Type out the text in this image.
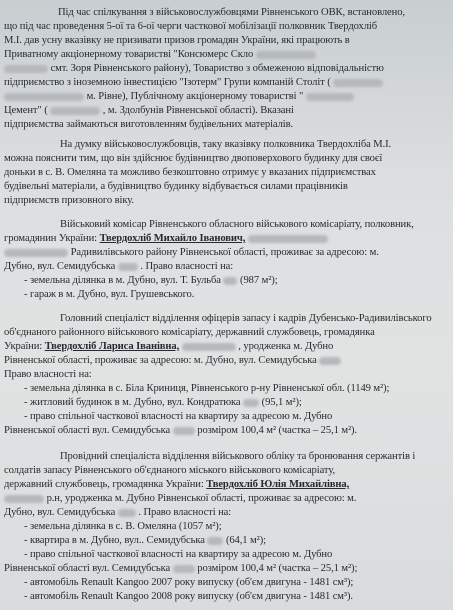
Під час спілкування з військовослужбовцями Рівненського ОВК, встановлено,
що під час проведення 5-ої та 6-ої черги часткової мобілізації полковник Твердохліб
М.І. дав усну вказівку не призивати призов громадян України, які працюють в
Приватному акціонерному товаристві "Консюмерс Скло
смт. Зоря Рівненського району), Товариство з обмеженою відповідальністю
підприємство з іноземною інвестицією "Ізотерм" Групи компаній Століт (
м. Рівне), Публічному акціонерному товаристві "
Цемент" (	, м. Здолбунів Рівненської області). Вказані
підприємства займаються виготовленням будівельних матеріалів.
На думку військовослужбовців, таку вказівку полковника Твердохліба М.І.
можна пояснити тим, що він здійснює будівництво двоповерхового будинку для своєї
доньки в с. В. Омеляна та можливо безкоштовно отримує у вказаних підприємствах
будівельні матеріали, а будівництво будинку відбувається силами працівників
підприємств призовного віку.
Військовий комісар Рівненського обласного військового комісаріату, полковник,
громадянин України: Твердохліб Михайло Іванович,
Радивилівського району Рівненської області, проживає за адресою: м.
Дубно, вул. Семидубська . Право власності на:
- земельна ділянка в м. Дубно, вул. Т. Бульба (987 м²);
- гараж в м. Дубно, вул. Грушевського.
Головний спеціаліст відділення офіцерів запасу і кадрів Дубенсько-Радивилівського
об'єднаного районного військового комісаріату, державний службовець, громадянка
України: Твердохліб Лариса Іванівна,	, уродженка м. Дубно
Рівненської області, проживає за адресою: м. Дубно, вул. Семидубська
Право власності на:
- земельна ділянка в с. Біла Криниця, Рівненського р-ну Рівненської обл. (1149 м²);
- житловий будинок в м. Дубно, вул. Кондратюка (95,1 м²);
- право спільної часткової власності на квартиру за адресою м. Дубно
Рівненської області вул. Семидубська	розміром 100,4 м² (частка – 25,1 м²).
Провідний спеціаліста відділення військового обліку та бронювання сержантів і
солдатів запасу Рівненського об'єднаного міського військового комісаріату,
державний службовець, громадянка України: Твердохліб Юлія Михайлівна,
р.н, уродженка м. Дубно Рівненської області, проживає за адресою: м.
Дубно, вул. Семидубська . Право власності на:
- земельна ділянка в с. В. Омеляна (1057 м²);
- квартира в м. Дубно, вул.. Семидубська (64,1 м²);
- право спільної часткової власності на квартиру за адресою м. Дубно
Рівненської області вул. Семидубська	розміром 100,4 м² (частка – 25,1 м²);
- автомобіль Renault Kangoo 2007 року випуску (об'єм двигуна - 1481 см³);
- автомобіль Renault Kangoo 2008 року випуску (об'єм двигуна - 1481 см³).
